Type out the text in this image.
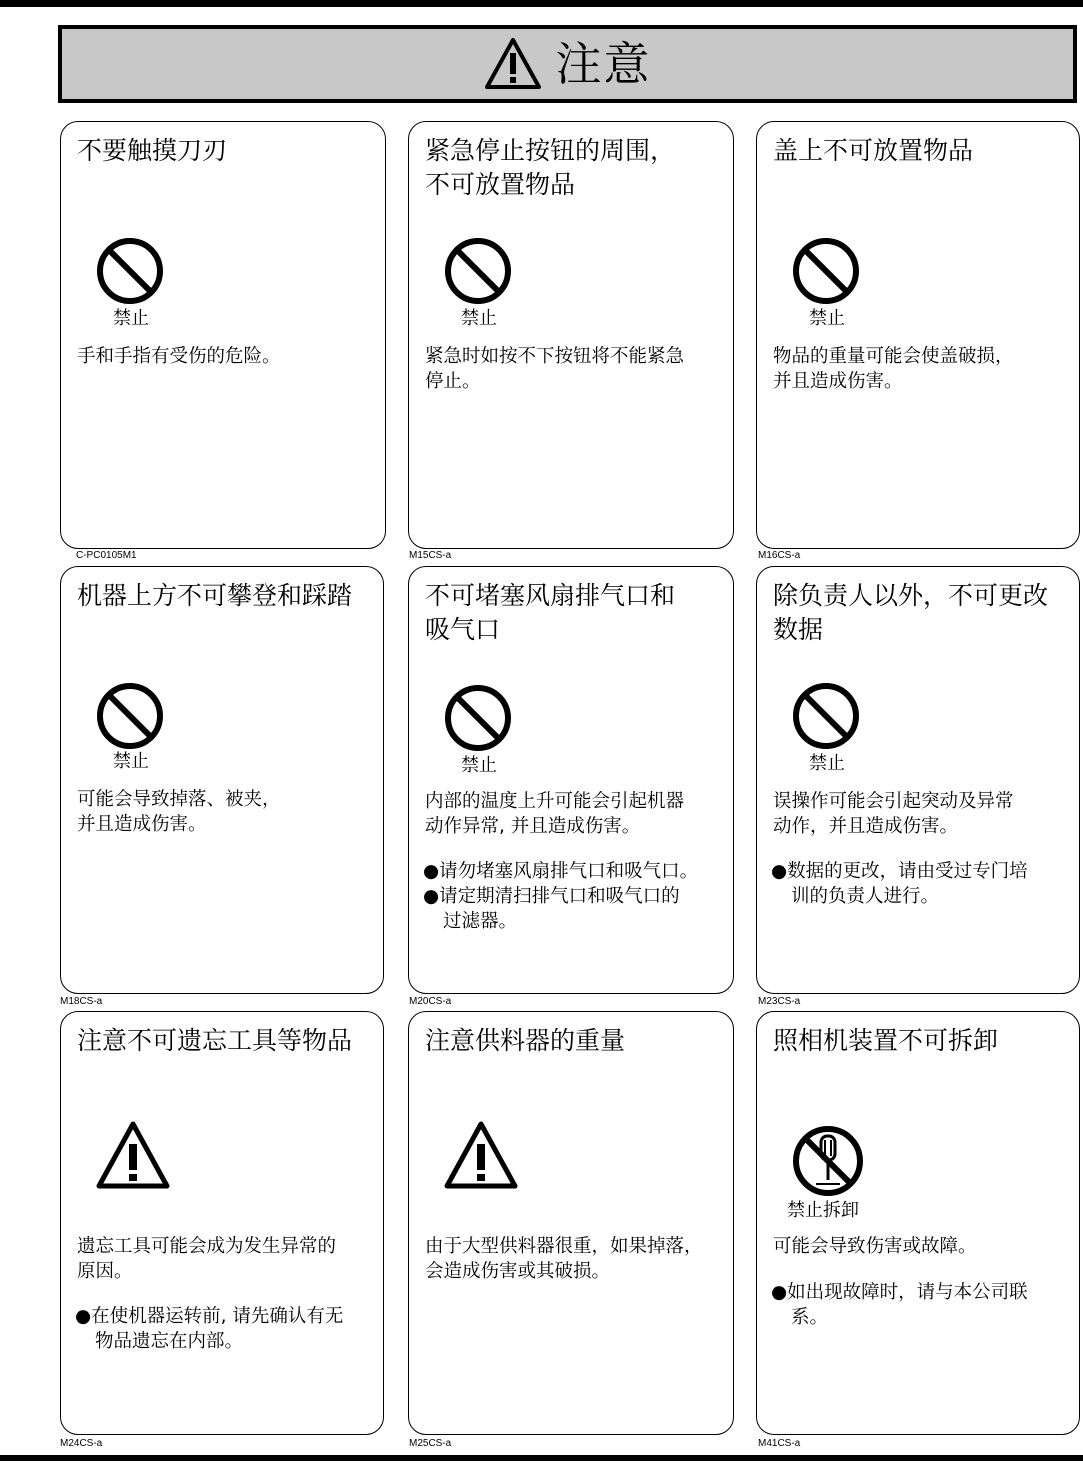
注意
不要触摸刀刃
禁止
手和手指有受伤的危险。
C-PC0105M1
紧急停止按钮的周围，
不可放置物品
禁止
紧急时如按不下按钮将不能紧急
停止。
M15CS-a
盖上不可放置物品
禁止
物品的重量可能会使盖破损，
并且造成伤害。
M16CS-a
机器上方不可攀登和踩踏
禁止
可能会导致掉落、被夹，
并且造成伤害。
M18CS-a
不可堵塞风扇排气口和
吸气口
禁止
内部的温度上升可能会引起机器
动作异常, 并且造成伤害。
●请勿堵塞风扇排气口和吸气口。
●请定期清扫排气口和吸气口的
过滤器。
M20CS-a
除负责人以外，不可更改
数据
禁止
误操作可能会引起突动及异常
动作，并且造成伤害。
●数据的更改，请由受过专门培
训的负责人进行。
M23CS-a
注意不可遗忘工具等物品
遗忘工具可能会成为发生异常的
原因。
●在使机器运转前, 请先确认有无
物品遗忘在内部。
M24CS-a
注意供料器的重量
由于大型供料器很重，如果掉落，
会造成伤害或其破损。
M25CS-a
照相机装置不可拆卸
禁止拆卸
可能会导致伤害或故障。
●如出现故障时，请与本公司联
系。
M41CS-a
